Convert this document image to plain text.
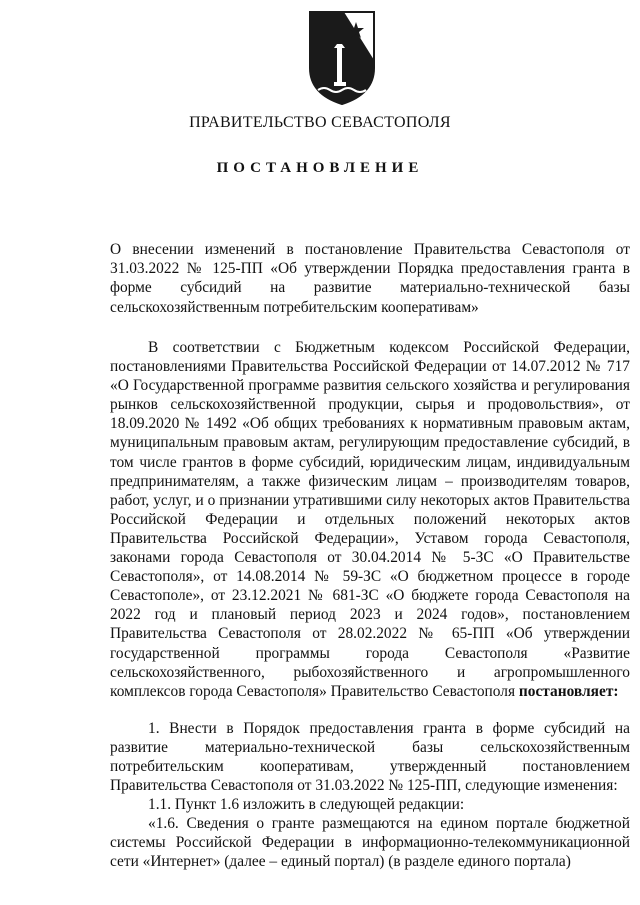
ПРАВИТЕЛЬСТВО СЕВАСТОПОЛЯ
ПОСТАНОВЛЕНИЕ

О внесении изменений в постановление Правительства Севастополя от 31.03.2022 № 125-ПП «Об утверждении Порядка предоставления гранта в форме субсидий на развитие материально-технической базы сельскохозяйственным потребительским кооперативам»

В соответствии с Бюджетным кодексом Российской Федерации, постановлениями Правительства Российской Федерации от 14.07.2012 № 717 «О Государственной программе развития сельского хозяйства и регулирования рынков сельскохозяйственной продукции, сырья и продовольствия», от 18.09.2020 № 1492 «Об общих требованиях к нормативным правовым актам, муниципальным правовым актам, регулирующим предоставление субсидий, в том числе грантов в форме субсидий, юридическим лицам, индивидуальным предпринимателям, а также физическим лицам – производителям товаров, работ, услуг, и о признании утратившими силу некоторых актов Правительства Российской Федерации и отдельных положений некоторых актов Правительства Российской Федерации», Уставом города Севастополя, законами города Севастополя от 30.04.2014 № 5-ЗС «О Правительстве Севастополя», от 14.08.2014 № 59-ЗС «О бюджетном процессе в городе Севастополе», от 23.12.2021 № 681-ЗС «О бюджете города Севастополя на 2022 год и плановый период 2023 и 2024 годов», постановлением Правительства Севастополя от 28.02.2022 № 65-ПП «Об утверждении государственной программы города Севастополя «Развитие сельскохозяйственного, рыбохозяйственного и агропромышленного комплексов города Севастополя» Правительство Севастополя постановляет:

1. Внести в Порядок предоставления гранта в форме субсидий на развитие материально-технической базы сельскохозяйственным потребительским кооперативам, утвержденный постановлением Правительства Севастополя от 31.03.2022 № 125-ПП, следующие изменения:

1.1. Пункт 1.6 изложить в следующей редакции:

«1.6. Сведения о гранте размещаются на едином портале бюджетной системы Российской Федерации в информационно-телекоммуникационной сети «Интернет» (далее – единый портал) (в разделе единого портала)
